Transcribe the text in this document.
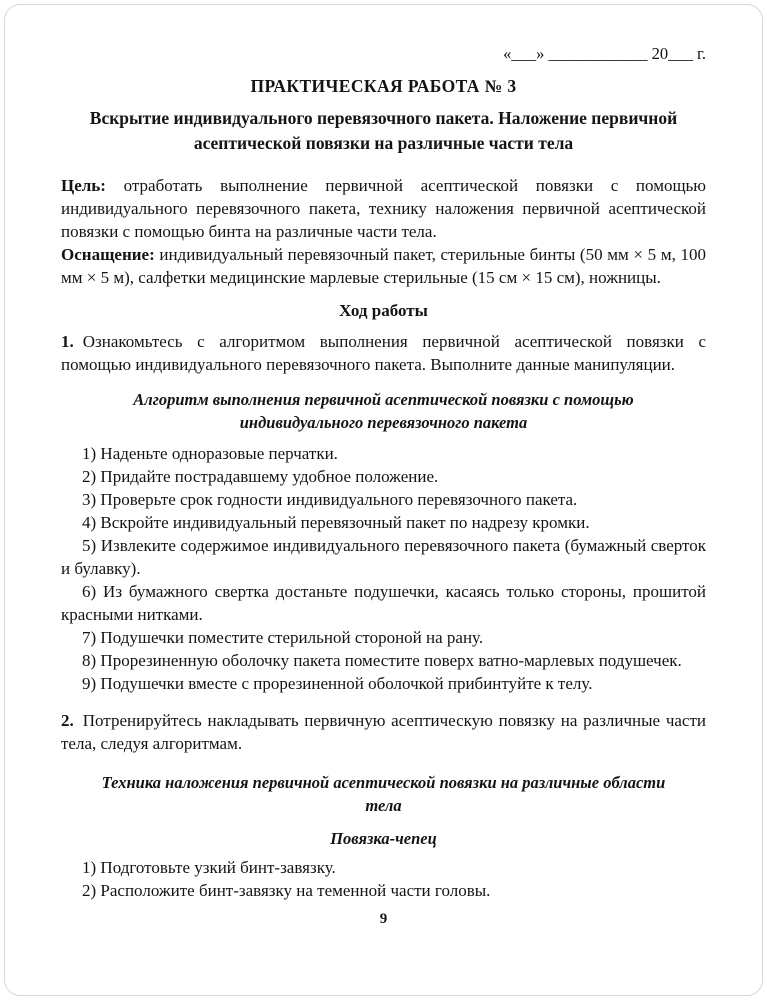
«___» ____________ 20___ г.

ПРАКТИЧЕСКАЯ РАБОТА № 3
Вскрытие индивидуального перевязочного пакета. Наложение первичной асептической повязки на различные части тела

Цель: отработать выполнение первичной асептической повязки с помощью индивидуального перевязочного пакета, технику наложения первичной асептической повязки с помощью бинта на различные части тела.

Оснащение: индивидуальный перевязочный пакет, стерильные бинты (50 мм × 5 м, 100 мм × 5 м), салфетки медицинские марлевые стерильные (15 см × 15 см), ножницы.

Ход работы

1. Ознакомьтесь с алгоритмом выполнения первичной асептической повязки с помощью индивидуального перевязочного пакета. Выполните данные манипуляции.

Алгоритм выполнения первичной асептической повязки с помощью индивидуального перевязочного пакета

1) Наденьте одноразовые перчатки.

2) Придайте пострадавшему удобное положение.

3) Проверьте срок годности индивидуального перевязочного пакета.

4) Вскройте индивидуальный перевязочный пакет по надрезу кромки.

5) Извлеките содержимое индивидуального перевязочного пакета (бумажный сверток и булавку).

6) Из бумажного свертка достаньте подушечки, касаясь только стороны, прошитой красными нитками.

7) Подушечки поместите стерильной стороной на рану.

8) Прорезиненную оболочку пакета поместите поверх ватно-марлевых подушечек.

9) Подушечки вместе с прорезиненной оболочкой прибинтуйте к телу.

2. Потренируйтесь накладывать первичную асептическую повязку на различные части тела, следуя алгоритмам.

Техника наложения первичной асептической повязки на различные области тела
Повязка-чепец

1) Подготовьте узкий бинт-завязку.

2) Расположите бинт-завязку на теменной части головы.

9
